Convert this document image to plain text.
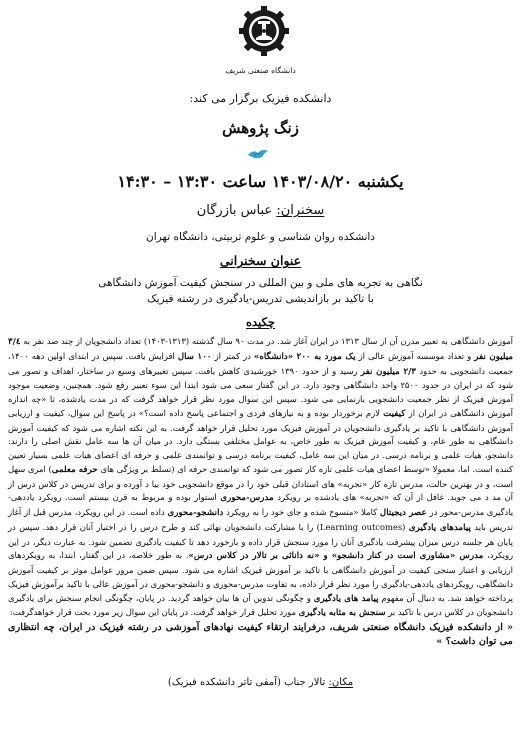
دانشگاه صنعتی شریف
دانشکده فیزیک برگزار می کند:
زنگ پژوهش
یکشنبه ۱۴۰۳/۰۸/۲۰ ساعت ۱۳:۳۰ – ۱۴:۳۰
سخنران: عباس بازرگان
دانشکده روان شناسی و علوم تربیتی، دانشگاه تهران
عنوان سخنرانی
نگاهی به تجربه های ملی و بین المللی در سنجش کیفیت آموزش دانشگاهی
با تاکید بر بازاندیشی تدریس-یادگیری در رشته فیزیک
چکیده
آموزش دانشگاهی به تعبیر مدرن آن از سال ۱۳۱۳ در ایران آغاز شد. در مدت ۹۰ سال گذشته (۱۳۱۳-۱۴۰۳) تعداد دانشجویان از چند صد نفر به ۳/٤ میلیون نفر و تعداد موسسه آموزش عالی از یک مورد به ۲۰۰ «دانشگاه» در کمتر از ۱۰۰ سال افزایش یافت. سپس در ابتدای اولین دهه ۱۴۰۰، جمعیت دانشجویی به حدود ۲/۳ میلیون نفر رسید و از حدود ۱۳۹۰ خورشیدی کاهش یافت. سپس تغییرهای وسیع در ساختار، اهداف و تصور می شود که در ایران در حدود ۲۵۰۰ واحد دانشگاهی وجود دارد. در این گفتار سعی می شود ابتدا این سوء تعبیر رفع شود. همچنین، وضعیت موجود آموزش فیزیک از نظر جمعیت دانشجویی بازنمایی می شود. سپس این سوال مورد نظر قرار خواهد گرفت که در مدت یادشده، تا «چه اندازه آموزش دانشگاهی در ایران از کیفیت لازم برخوردار بوده و به نیازهای فردی و اجتماعی پاسخ داده است؟» در پاسخ این سوال، کیفیت و ارزیابی آموزش دانشگاهی با تاکید بر یادگیری دانشجویان در آموزش فیزیک مورد تحلیل قرار خواهد گرفت. به این نکته اشاره می شود که کیفیت آموزش دانشگاهی به طور عام، و کیفیت آموزش فیزیک به طور خاص، به عوامل مختلفی بستگی دارد. در میان آن ها سه عامل نقش اصلی را دارند: دانشجو، هیات علمی و برنامه درسی. در میان این سه عامل، کیفیت برنامه درسی و توانمندی علمی و حرفه ای اعضای هیات علمی بسیار تعیین کننده است. اما، معمولا «توسط اعضای هیات علمی تازه کار تصور می شود که توانمندی حرفه ای (تسلط بر ویژگی های حرفه معلمی) امری سهل است، و در بهترین حالت، مدرس تازه کار «تجربه» های استادان قبلی خود را در موقع دانشجویی خود بیا د آورده و برای تدریس در کلاس درس از آن مد د می جوید. غافل از آن که «تجربه» های یادشده بر رویکرد مدرس-محوری استوار بوده و مربوط به قرن بیستم است. رویکرد یاددهی-یادگیری مدرس-محور در عصر دیجیتال کاملا «منسوخ شده و جای خود را به رویکرد دانشجو-محوری داده است. در این رویکرد، مدرس قبل از آغاز تدریس باید پیامدهای یادگیری (Learning outcomes) را با مشارکت دانشجویان نهائی کند و طرح درس را در اختیار آنان قرار دهد. سپس در پایان هر جلسه درس میزان پیشرفت یادگیری آنان را مورد سنجش قرار داده و بازخورد دهد تا کیفیت یادگیری تضمین شود. به عبارت دیگر، در این رویکرد، مدرس «مشاوری است در کنار دانشجو» و «نه دانائی بر تالار در کلاس درس». به طور خلاصه، در این گفتار، ابتدا، به رویکردهای ارزیابی و اعتبار سنجی کیفیت در آموزش دانشگاهی با تاکید بر آموزش فیزیک اشاره می شود. سپس ضمن مرور عوامل موثر بر کیفیت آموزش دانشگاهی، رویکردهای یاددهی-یادگیری را مورد نظر قرار داده، به تفاوت مدرس-محوری و دانشجو-محوری در آموزش عالی با تاکید برآموزش فیزیک پرداخته خواهد شد. به دنبال آن مفهوم پیامد های یادگیری و چگونگی تدوین آن ها بیان خواهد گردید. در پایان، چگونگی انجام سنجش برای یادگیری دانشجویان در کلاس درس با تاکید بر سنجش به مثابه یادگیری مورد تحلیل قرار خواهد گرفت. در پایان این سوال زیر مورد بحث قرار خواهدگرفت:
« از دانشکده فیزیک دانشگاه صنعتی شریف، درفرایند ارتقاء کیفیت نهادهای آموزشی در رشته فیزیک در ایران، چه انتظاری می توان داشت؟ »
مکان: تالار جناب (آمفی تاتر دانشکده فیزیک)
